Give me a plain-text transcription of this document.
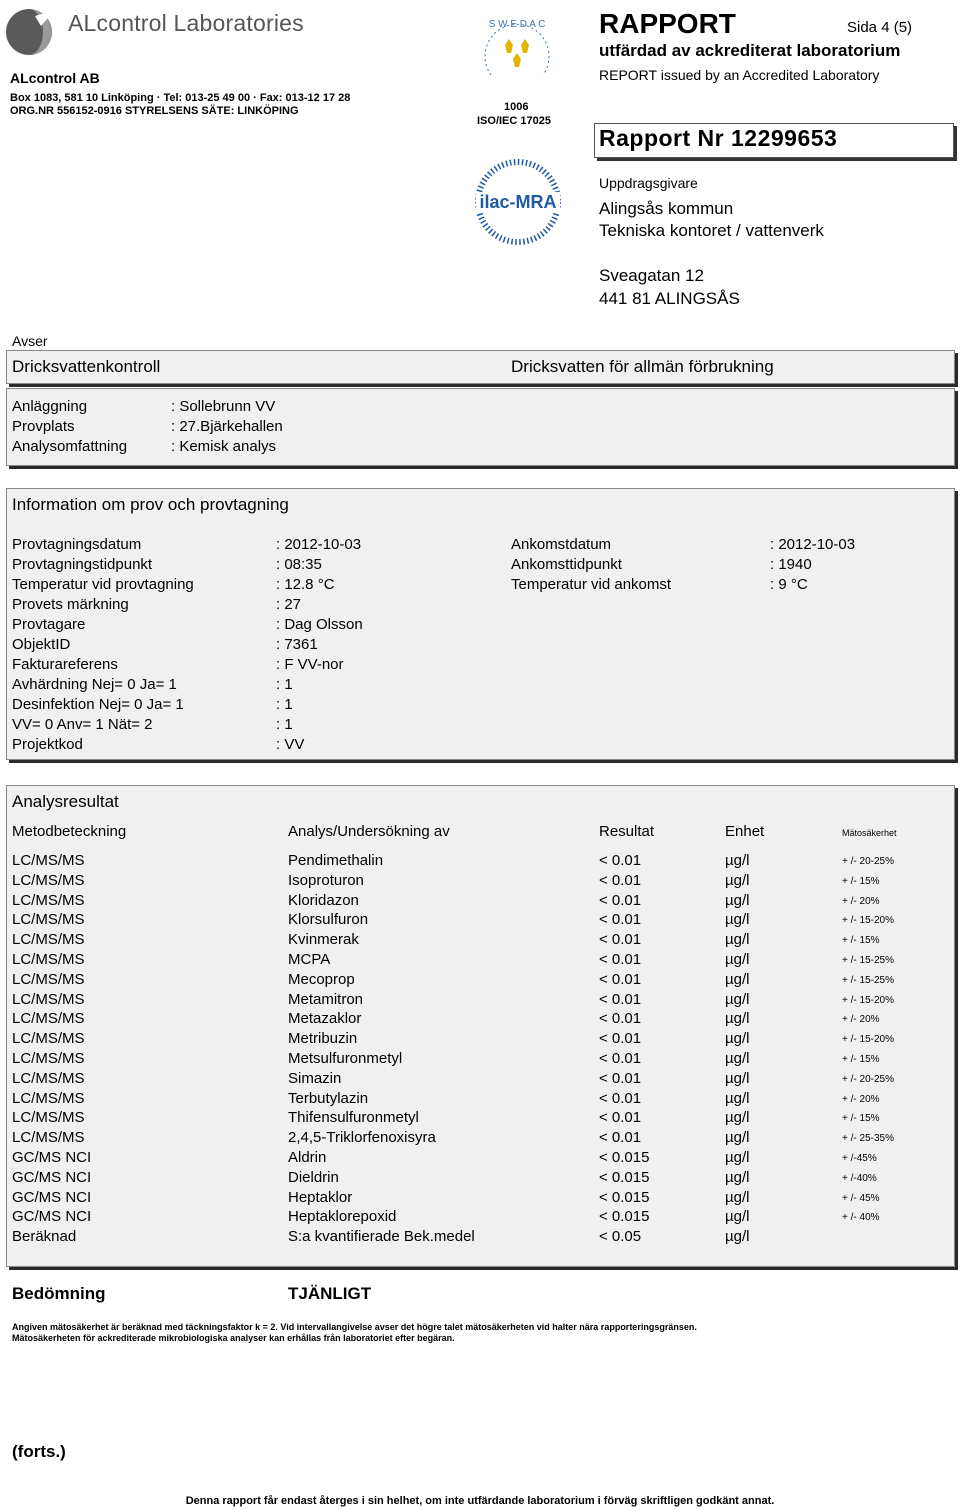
ALcontrol Laboratories
ALcontrol AB
Box 1083, 581 10 Linköping · Tel: 013-25 49 00 · Fax: 013-12 17 28
ORG.NR 556152-0916 STYRELSENS SÄTE: LINKÖPING
S W E D A C
1006
ISO/IEC 17025
ilac-MRA
RAPPORT	Sida 4 (5)
utfärdad av ackrediterat laboratorium
REPORT issued by an Accredited Laboratory
Rapport Nr 12299653
Uppdragsgivare
Alingsås kommun
Tekniska kontoret / vattenverk
Sveagatan 12
441 81 ALINGSÅS
Avser
Dricksvattenkontroll	Dricksvatten för allmän förbrukning
Anläggning	: Sollebrunn VV
Provplats	: 27.Bjärkehallen
Analysomfattning	: Kemisk analys
Information om prov och provtagning
Provtagningsdatum	: 2012-10-03
Provtagningstidpunkt	: 08:35
Temperatur vid provtagning	: 12.8 °C
Provets märkning	: 27
Provtagare	: Dag Olsson
ObjektID	: 7361
Fakturareferens	: F VV-nor
Avhärdning Nej= 0 Ja= 1	: 1
Desinfektion Nej= 0 Ja= 1	: 1
VV= 0 Anv= 1 Nät= 2	: 1
Projektkod	: VV
Ankomstdatum	: 2012-10-03
Ankomsttidpunkt	: 1940
Temperatur vid ankomst	: 9 °C
Analysresultat
Metodbeteckning	Analys/Undersökning av	Resultat	Enhet	Mätosäkerhet
LC/MS/MS	Pendimethalin	< 0.01	µg/l	+ /- 20-25%
LC/MS/MS	Isoproturon	< 0.01	µg/l	+ /- 15%
LC/MS/MS	Kloridazon	< 0.01	µg/l	+ /- 20%
LC/MS/MS	Klorsulfuron	< 0.01	µg/l	+ /- 15-20%
LC/MS/MS	Kvinmerak	< 0.01	µg/l	+ /- 15%
LC/MS/MS	MCPA	< 0.01	µg/l	+ /- 15-25%
LC/MS/MS	Mecoprop	< 0.01	µg/l	+ /- 15-25%
LC/MS/MS	Metamitron	< 0.01	µg/l	+ /- 15-20%
LC/MS/MS	Metazaklor	< 0.01	µg/l	+ /- 20%
LC/MS/MS	Metribuzin	< 0.01	µg/l	+ /- 15-20%
LC/MS/MS	Metsulfuronmetyl	< 0.01	µg/l	+ /- 15%
LC/MS/MS	Simazin	< 0.01	µg/l	+ /- 20-25%
LC/MS/MS	Terbutylazin	< 0.01	µg/l	+ /- 20%
LC/MS/MS	Thifensulfuronmetyl	< 0.01	µg/l	+ /- 15%
LC/MS/MS	2,4,5-Triklorfenoxisyra	< 0.01	µg/l	+ /- 25-35%
GC/MS NCI	Aldrin	< 0.015	µg/l	+ /-45%
GC/MS NCI	Dieldrin	< 0.015	µg/l	+ /-40%
GC/MS NCI	Heptaklor	< 0.015	µg/l	+ /- 45%
GC/MS NCI	Heptaklorepoxid	< 0.015	µg/l	+ /- 40%
Beräknad	S:a kvantifierade Bek.medel	< 0.05	µg/l
Bedömning	TJÄNLIGT
Angiven mätosäkerhet är beräknad med täckningsfaktor k = 2. Vid intervallangivelse avser det högre talet mätosäkerheten vid halter nära rapporteringsgränsen.
Mätosäkerheten för ackrediterade mikrobiologiska analyser kan erhållas från laboratoriet efter begäran.
(forts.)
Denna rapport får endast återges i sin helhet, om inte utfärdande laboratorium i förväg skriftligen godkänt annat.
